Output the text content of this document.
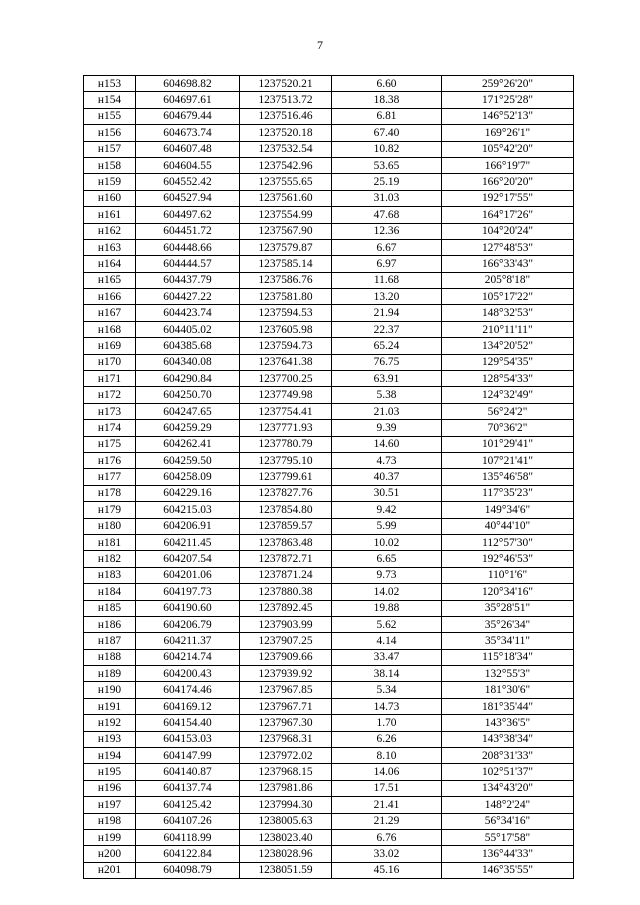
7
н153	604698.82	1237520.21	6.60	259°26'20"
н154	604697.61	1237513.72	18.38	171°25'28"
н155	604679.44	1237516.46	6.81	146°52'13"
н156	604673.74	1237520.18	67.40	169°26'1"
н157	604607.48	1237532.54	10.82	105°42'20"
н158	604604.55	1237542.96	53.65	166°19'7"
н159	604552.42	1237555.65	25.19	166°20'20"
н160	604527.94	1237561.60	31.03	192°17'55"
н161	604497.62	1237554.99	47.68	164°17'26"
н162	604451.72	1237567.90	12.36	104°20'24"
н163	604448.66	1237579.87	6.67	127°48'53"
н164	604444.57	1237585.14	6.97	166°33'43"
н165	604437.79	1237586.76	11.68	205°8'18"
н166	604427.22	1237581.80	13.20	105°17'22"
н167	604423.74	1237594.53	21.94	148°32'53"
н168	604405.02	1237605.98	22.37	210°11'11"
н169	604385.68	1237594.73	65.24	134°20'52"
н170	604340.08	1237641.38	76.75	129°54'35"
н171	604290.84	1237700.25	63.91	128°54'33"
н172	604250.70	1237749.98	5.38	124°32'49"
н173	604247.65	1237754.41	21.03	56°24'2"
н174	604259.29	1237771.93	9.39	70°36'2"
н175	604262.41	1237780.79	14.60	101°29'41"
н176	604259.50	1237795.10	4.73	107°21'41"
н177	604258.09	1237799.61	40.37	135°46'58"
н178	604229.16	1237827.76	30.51	117°35'23"
н179	604215.03	1237854.80	9.42	149°34'6"
н180	604206.91	1237859.57	5.99	40°44'10"
н181	604211.45	1237863.48	10.02	112°57'30"
н182	604207.54	1237872.71	6.65	192°46'53"
н183	604201.06	1237871.24	9.73	110°1'6"
н184	604197.73	1237880.38	14.02	120°34'16"
н185	604190.60	1237892.45	19.88	35°28'51"
н186	604206.79	1237903.99	5.62	35°26'34"
н187	604211.37	1237907.25	4.14	35°34'11"
н188	604214.74	1237909.66	33.47	115°18'34"
н189	604200.43	1237939.92	38.14	132°55'3"
н190	604174.46	1237967.85	5.34	181°30'6"
н191	604169.12	1237967.71	14.73	181°35'44"
н192	604154.40	1237967.30	1.70	143°36'5"
н193	604153.03	1237968.31	6.26	143°38'34"
н194	604147.99	1237972.02	8.10	208°31'33"
н195	604140.87	1237968.15	14.06	102°51'37"
н196	604137.74	1237981.86	17.51	134°43'20"
н197	604125.42	1237994.30	21.41	148°2'24"
н198	604107.26	1238005.63	21.29	56°34'16"
н199	604118.99	1238023.40	6.76	55°17'58"
н200	604122.84	1238028.96	33.02	136°44'33"
н201	604098.79	1238051.59	45.16	146°35'55"
